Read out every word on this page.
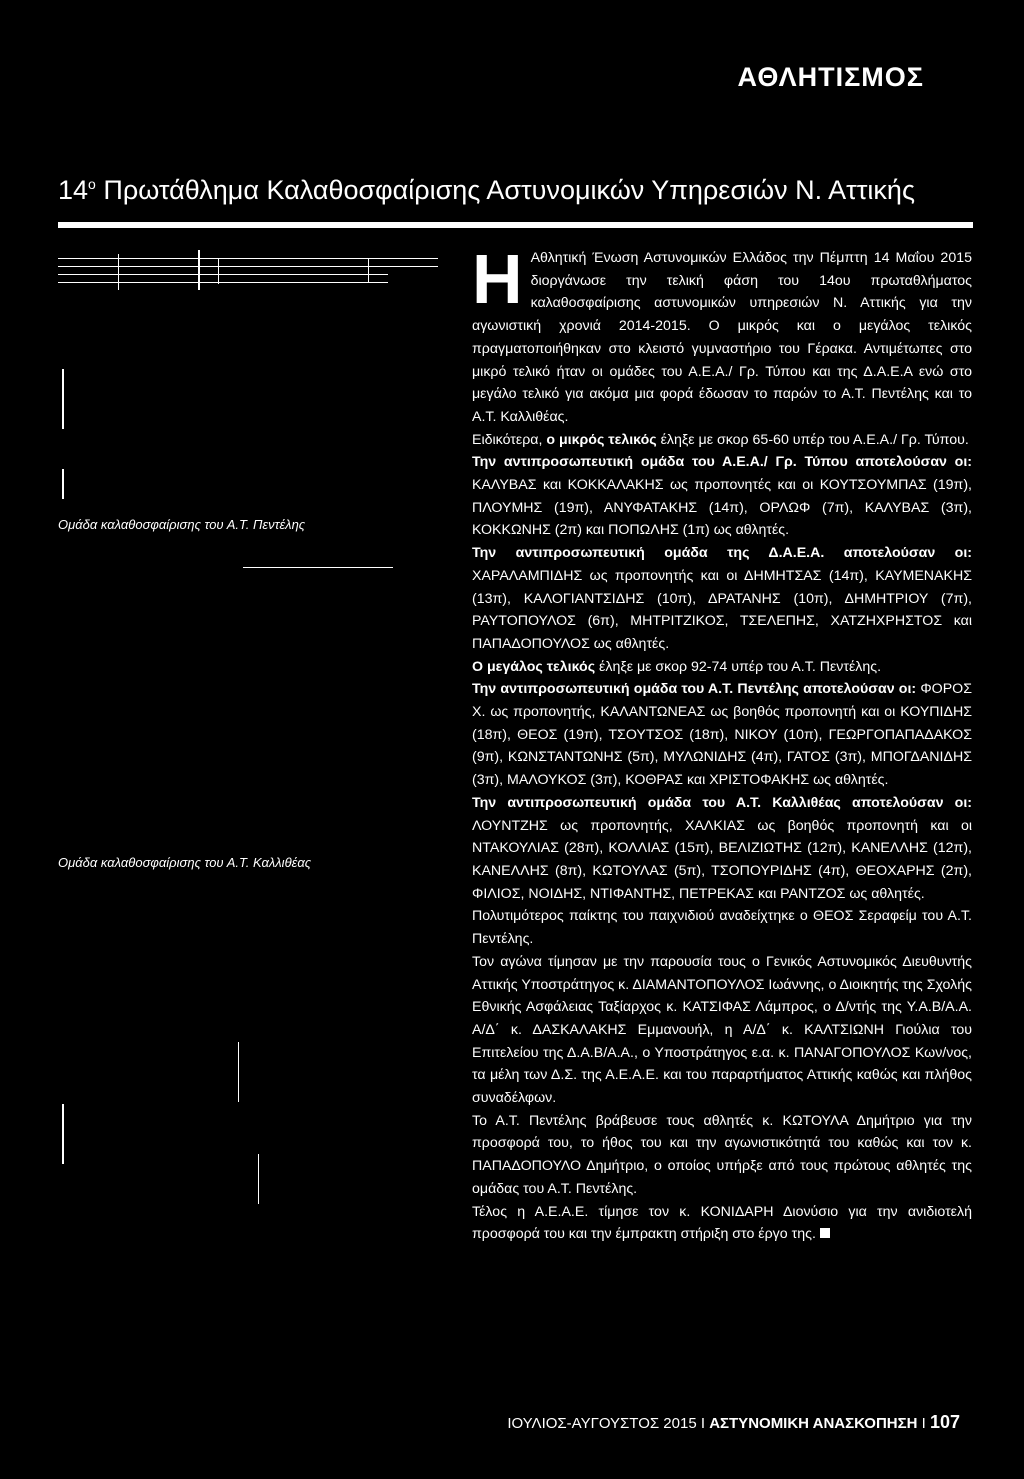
ΑΘΛΗΤΙΣΜΟΣ
$14^o$ Πρωτάθλημα Καλαθοσφαίρισης Αστυνομικών Υπηρεσιών Ν. Αττικής
Ομάδα καλαθοσφαίρισης του Α.Τ. Πεντέλης
Ομάδα καλαθοσφαίρισης του Α.Τ. Καλλιθέας

Η Αθλητική Ένωση Αστυνομικών Ελλάδος την Πέμπτη 14 Μαΐου 2015 διοργάνωσε την τελική φάση του 14ου πρωταθλήματος καλαθοσφαίρισης αστυνομικών υπηρεσιών Ν. Αττικής για την αγωνιστική χρονιά 2014-2015. Ο μικρός και ο μεγάλος τελικός πραγματοποιήθηκαν στο κλειστό γυμναστήριο του Γέρακα. Αντιμέτωπες στο μικρό τελικό ήταν οι ομάδες του Α.Ε.Α./ Γρ. Τύπου και της Δ.Α.Ε.Α ενώ στο μεγάλο τελικό για ακόμα μια φορά έδωσαν το παρών το Α.Τ. Πεντέλης και το Α.Τ. Καλλιθέας.

Ειδικότερα, ο μικρός τελικός έληξε με σκορ 65-60 υπέρ του Α.Ε.Α./ Γρ. Τύπου.

Την αντιπροσωπευτική ομάδα του Α.Ε.Α./ Γρ. Τύπου αποτελούσαν οι: ΚΑΛΥΒΑΣ και ΚΟΚΚΑΛΑΚΗΣ ως προπονητές και οι ΚΟΥΤΣΟΥΜΠΑΣ (19π), ΠΛΟΥΜΗΣ (19π), ΑΝΥΦΑΤΑΚΗΣ (14π), ΟΡΛΩΦ (7π), ΚΑΛΥΒΑΣ (3π), ΚΟΚΚΩΝΗΣ (2π) και ΠΟΠΩΛΗΣ (1π) ως αθλητές.

Την αντιπροσωπευτική ομάδα της Δ.Α.Ε.Α. αποτελούσαν οι: ΧΑΡΑΛΑΜΠΙΔΗΣ ως προπονητής και οι ΔΗΜΗΤΣΑΣ (14π), ΚΑΥΜΕΝΑΚΗΣ (13π), ΚΑΛΟΓΙΑΝΤΣΙΔΗΣ (10π), ΔΡΑΤΑΝΗΣ (10π), ΔΗΜΗΤΡΙΟΥ (7π), ΡΑΥΤΟΠΟΥΛΟΣ (6π), ΜΗΤΡΙΤΖΙΚΟΣ, ΤΣΕΛΕΠΗΣ, ΧΑΤΖΗΧΡΗΣΤΟΣ και ΠΑΠΑΔΟΠΟΥΛΟΣ ως αθλητές.

Ο μεγάλος τελικός έληξε με σκορ 92-74 υπέρ του Α.Τ. Πεντέλης.

Την αντιπροσωπευτική ομάδα του Α.Τ. Πεντέλης αποτελούσαν οι: ΦΟΡΟΣ Χ. ως προπονητής, ΚΑΛΑΝΤΩΝΕΑΣ ως βοηθός προπονητή και οι ΚΟΥΠΙΔΗΣ (18π), ΘΕΟΣ (19π), ΤΣΟΥΤΣΟΣ (18π), ΝΙΚΟΥ (10π), ΓΕΩΡΓΟΠΑΠΑΔΑΚΟΣ (9π), ΚΩΝΣΤΑΝΤΩΝΗΣ (5π), ΜΥΛΩΝΙΔΗΣ (4π), ΓΑΤΟΣ (3π), ΜΠΟΓΔΑΝΙΔΗΣ (3π), ΜΑΛΟΥΚΟΣ (3π), ΚΟΘΡΑΣ και ΧΡΙΣΤΟΦΑΚΗΣ ως αθλητές.

Την αντιπροσωπευτική ομάδα του Α.Τ. Καλλιθέας αποτελούσαν οι: ΛΟΥΝΤΖΗΣ ως προπονητής, ΧΑΛΚΙΑΣ ως βοηθός προπονητή και οι ΝΤΑΚΟΥΛΙΑΣ (28π), ΚΟΛΛΙΑΣ (15π), ΒΕΛΙΖΙΩΤΗΣ (12π), ΚΑΝΕΛΛΗΣ (12π), ΚΑΝΕΛΛΗΣ (8π), ΚΩΤΟΥΛΑΣ (5π), ΤΣΟΠΟΥΡΙΔΗΣ (4π), ΘΕΟΧΑΡΗΣ (2π), ΦΙΛΙΟΣ, ΝΟΙΔΗΣ, ΝΤΙΦΑΝΤΗΣ, ΠΕΤΡΕΚΑΣ και ΡΑΝΤΖΟΣ ως αθλητές.

Πολυτιμότερος παίκτης του παιχνιδιού αναδείχτηκε ο ΘΕΟΣ Σεραφείμ του Α.Τ. Πεντέλης.

Τον αγώνα τίμησαν με την παρουσία τους ο Γενικός Αστυνομικός Διευθυντής Αττικής Υποστράτηγος κ. ΔΙΑΜΑΝΤΟΠΟΥΛΟΣ Ιωάννης, ο Διοικητής της Σχολής Εθνικής Ασφάλειας Ταξίαρχος κ. ΚΑΤΣΙΦΑΣ Λάμπρος, ο Δ/ντής της Υ.Α.Β/Α.Α. Α/Δ΄ κ. ΔΑΣΚΑΛΑΚΗΣ Εμμανουήλ, η Α/Δ΄ κ. ΚΑΛΤΣΙΩΝΗ Γιούλια του Επιτελείου της Δ.Α.Β/Α.Α., ο Υποστράτηγος ε.α. κ. ΠΑΝΑΓΟΠΟΥΛΟΣ Κων/νος, τα μέλη των Δ.Σ. της Α.Ε.Α.Ε. και του παραρτήματος Αττικής καθώς και πλήθος συναδέλφων.

Το Α.Τ. Πεντέλης βράβευσε τους αθλητές κ. ΚΩΤΟΥΛΑ Δημήτριο για την προσφορά του, το ήθος του και την αγωνιστικότητά του καθώς και τον κ. ΠΑΠΑΔΟΠΟΥΛΟ Δημήτριο, ο οποίος υπήρξε από τους πρώτους αθλητές της ομάδας του Α.Τ. Πεντέλης.

Τέλος η Α.Ε.Α.Ε. τίμησε τον κ. ΚΟΝΙΔΑΡΗ Διονύσιο για την ανιδιοτελή προσφορά του και την έμπρακτη στήριξη στο έργο της.

ΙΟΥΛΙΟΣ-ΑΥΓΟΥΣΤΟΣ 2015 I ΑΣΤΥΝΟΜΙΚΗ ΑΝΑΣΚΟΠΗΣΗ I 107
